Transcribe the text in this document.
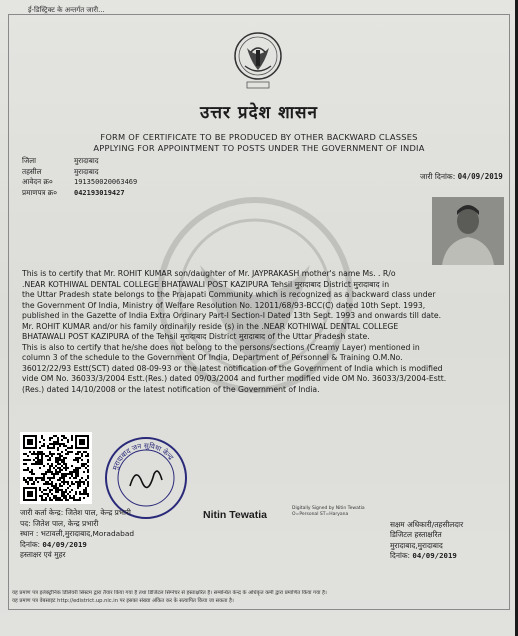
ई-डिस्ट्रिक्ट के अन्तर्गत जारी...
उत्तर प्रदेश शासन
FORM OF CERTIFICATE TO BE PRODUCED BY OTHER BACKWARD CLASSES
APPLYING FOR APPOINTMENT TO POSTS UNDER THE GOVERNMENT OF INDIA
जिला	मुरादाबाद
तहसील	मुरादाबाद
आवेदन क्र०	191350020063469
प्रमाणपत्र क्र०	042193019427
जारी दिनांक: 04/09/2019
This is to certify that Mr. ROHIT KUMAR son/daughter of Mr. JAYPRAKASH mother's name Ms. . R/o
.NEAR KOTHIWAL DENTAL COLLEGE BHATAWALI POST KAZIPURA Tehsil मुरादाबाद District मुरादाबाद in
the Uttar Pradesh state belongs to the Prajapati Community which is recognized as a backward class under
the Government Of India, Ministry of Welfare Resolution No. 12011/68/93-BCC(C) dated 10th Sept. 1993,
published in the Gazette of India Extra Ordinary Part-I Section-I Dated 13th Sept. 1993 and onwards till date.
Mr. ROHIT KUMAR and/or his family ordinarily reside (s) in the .NEAR KOTHIWAL DENTAL COLLEGE
BHATAWALI POST KAZIPURA of the Tehsil मुरादाबाद District मुरादाबाद of the Uttar Pradesh state.
This is also to certify that he/she does not belong to the persons/sections (Creamy Layer) mentioned in
column 3 of the schedule to the Government Of India, Department of Personnel & Training O.M.No.
36012/22/93 Estt(SCT) dated 08-09-93 or the latest notification of the Government of India which is modified
vide OM No. 36033/3/2004 Estt.(Res.) dated 09/03/2004 and further modified vide OM No. 36033/3/2004-Estt.
(Res.) dated 14/10/2008 or the latest notification of the Government of India.
मुरादाबाद जन सुविधा केन्द्र
Nitin Tewatia
Digitally Signed by Nitin Tewatia
O=Personal ST=Haryana
जारी कर्ता केन्द्र: जितेश पाल, केन्द्र प्रभारी
पद: जितेश पाल, केन्द्र प्रभारी
स्थान : भटावली,मुरादाबाद,Moradabad
दिनांक: 04/09/2019
हस्ताक्षर एवं मुहर
सक्षम अधिकारी/तहसीलदार
डिजिटल हस्ताक्षरित
मुरादाबाद,मुरादाबाद
दिनांक: 04/09/2019
यह प्रमाण पत्र इलेक्ट्रॉनिक डिलिवरी सिस्टम द्वारा तैयार किया गया है तथा डिजिटल सिग्नेचर से हस्ताक्षरित है। सम्बन्धित केन्द्र के अधिकृत कर्मी द्वारा प्रमाणित किया गया है।
यह प्रमाण पत्र वेबसाइट http://edistrict.up.nic.in पर इसका संख्या अंकित कर के सत्यापित किया जा सकता है।
